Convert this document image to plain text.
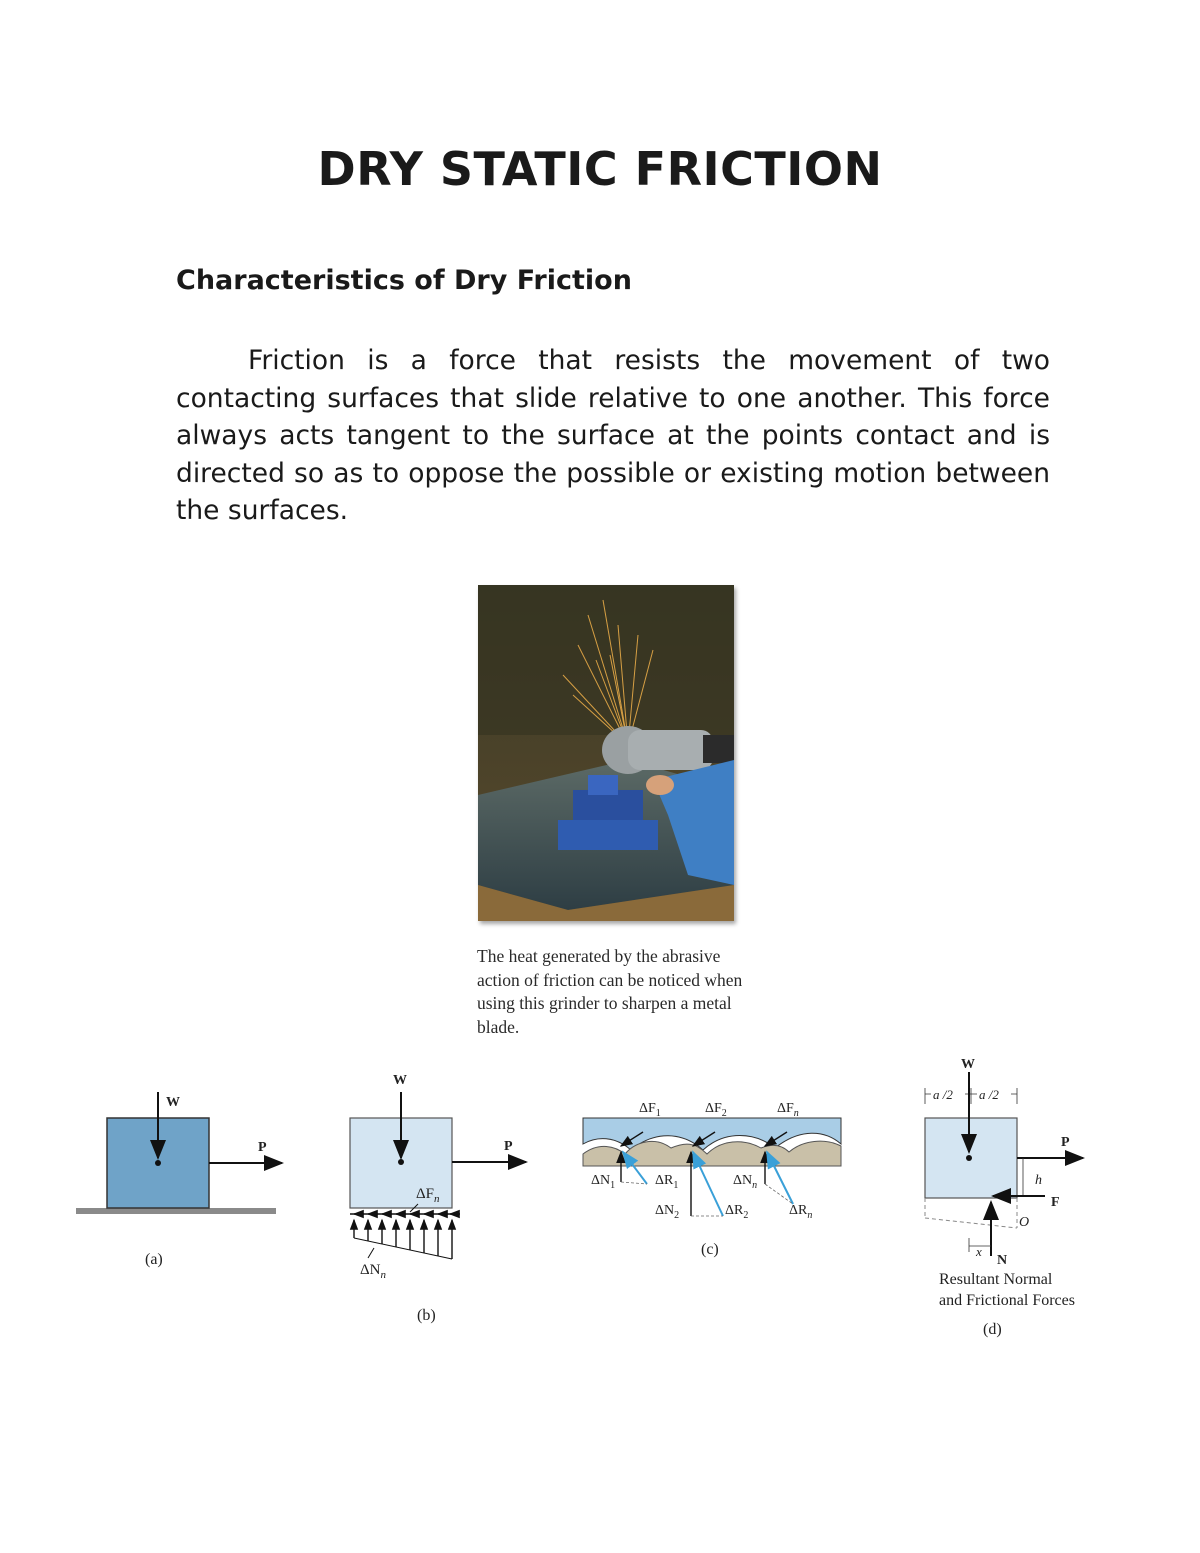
DRY STATIC FRICTION
Characteristics of Dry Friction

Friction is a force that resists the movement of two contacting surfaces that slide relative to one another. This force always acts tangent to the surface at the points contact and is directed so as to oppose the possible or existing motion between the surfaces.

The heat generated by the abrasive action of friction can be noticed when using this grinder to sharpen a metal blade.

W
P
(a)
W
P
$\Delta F_n$
$\Delta N_n$
(b)
$\Delta F_1$	$\Delta F_2$	$\Delta F_n$
$\Delta N_1$	$\Delta R_1$	$\Delta N_n$
$\Delta N_2$	$\Delta R_2$	$\Delta R_n$
(c)
W
a /2 a /2
P
h
F
N
O
x
Resultant Normal
and Frictional Forces
(d)
